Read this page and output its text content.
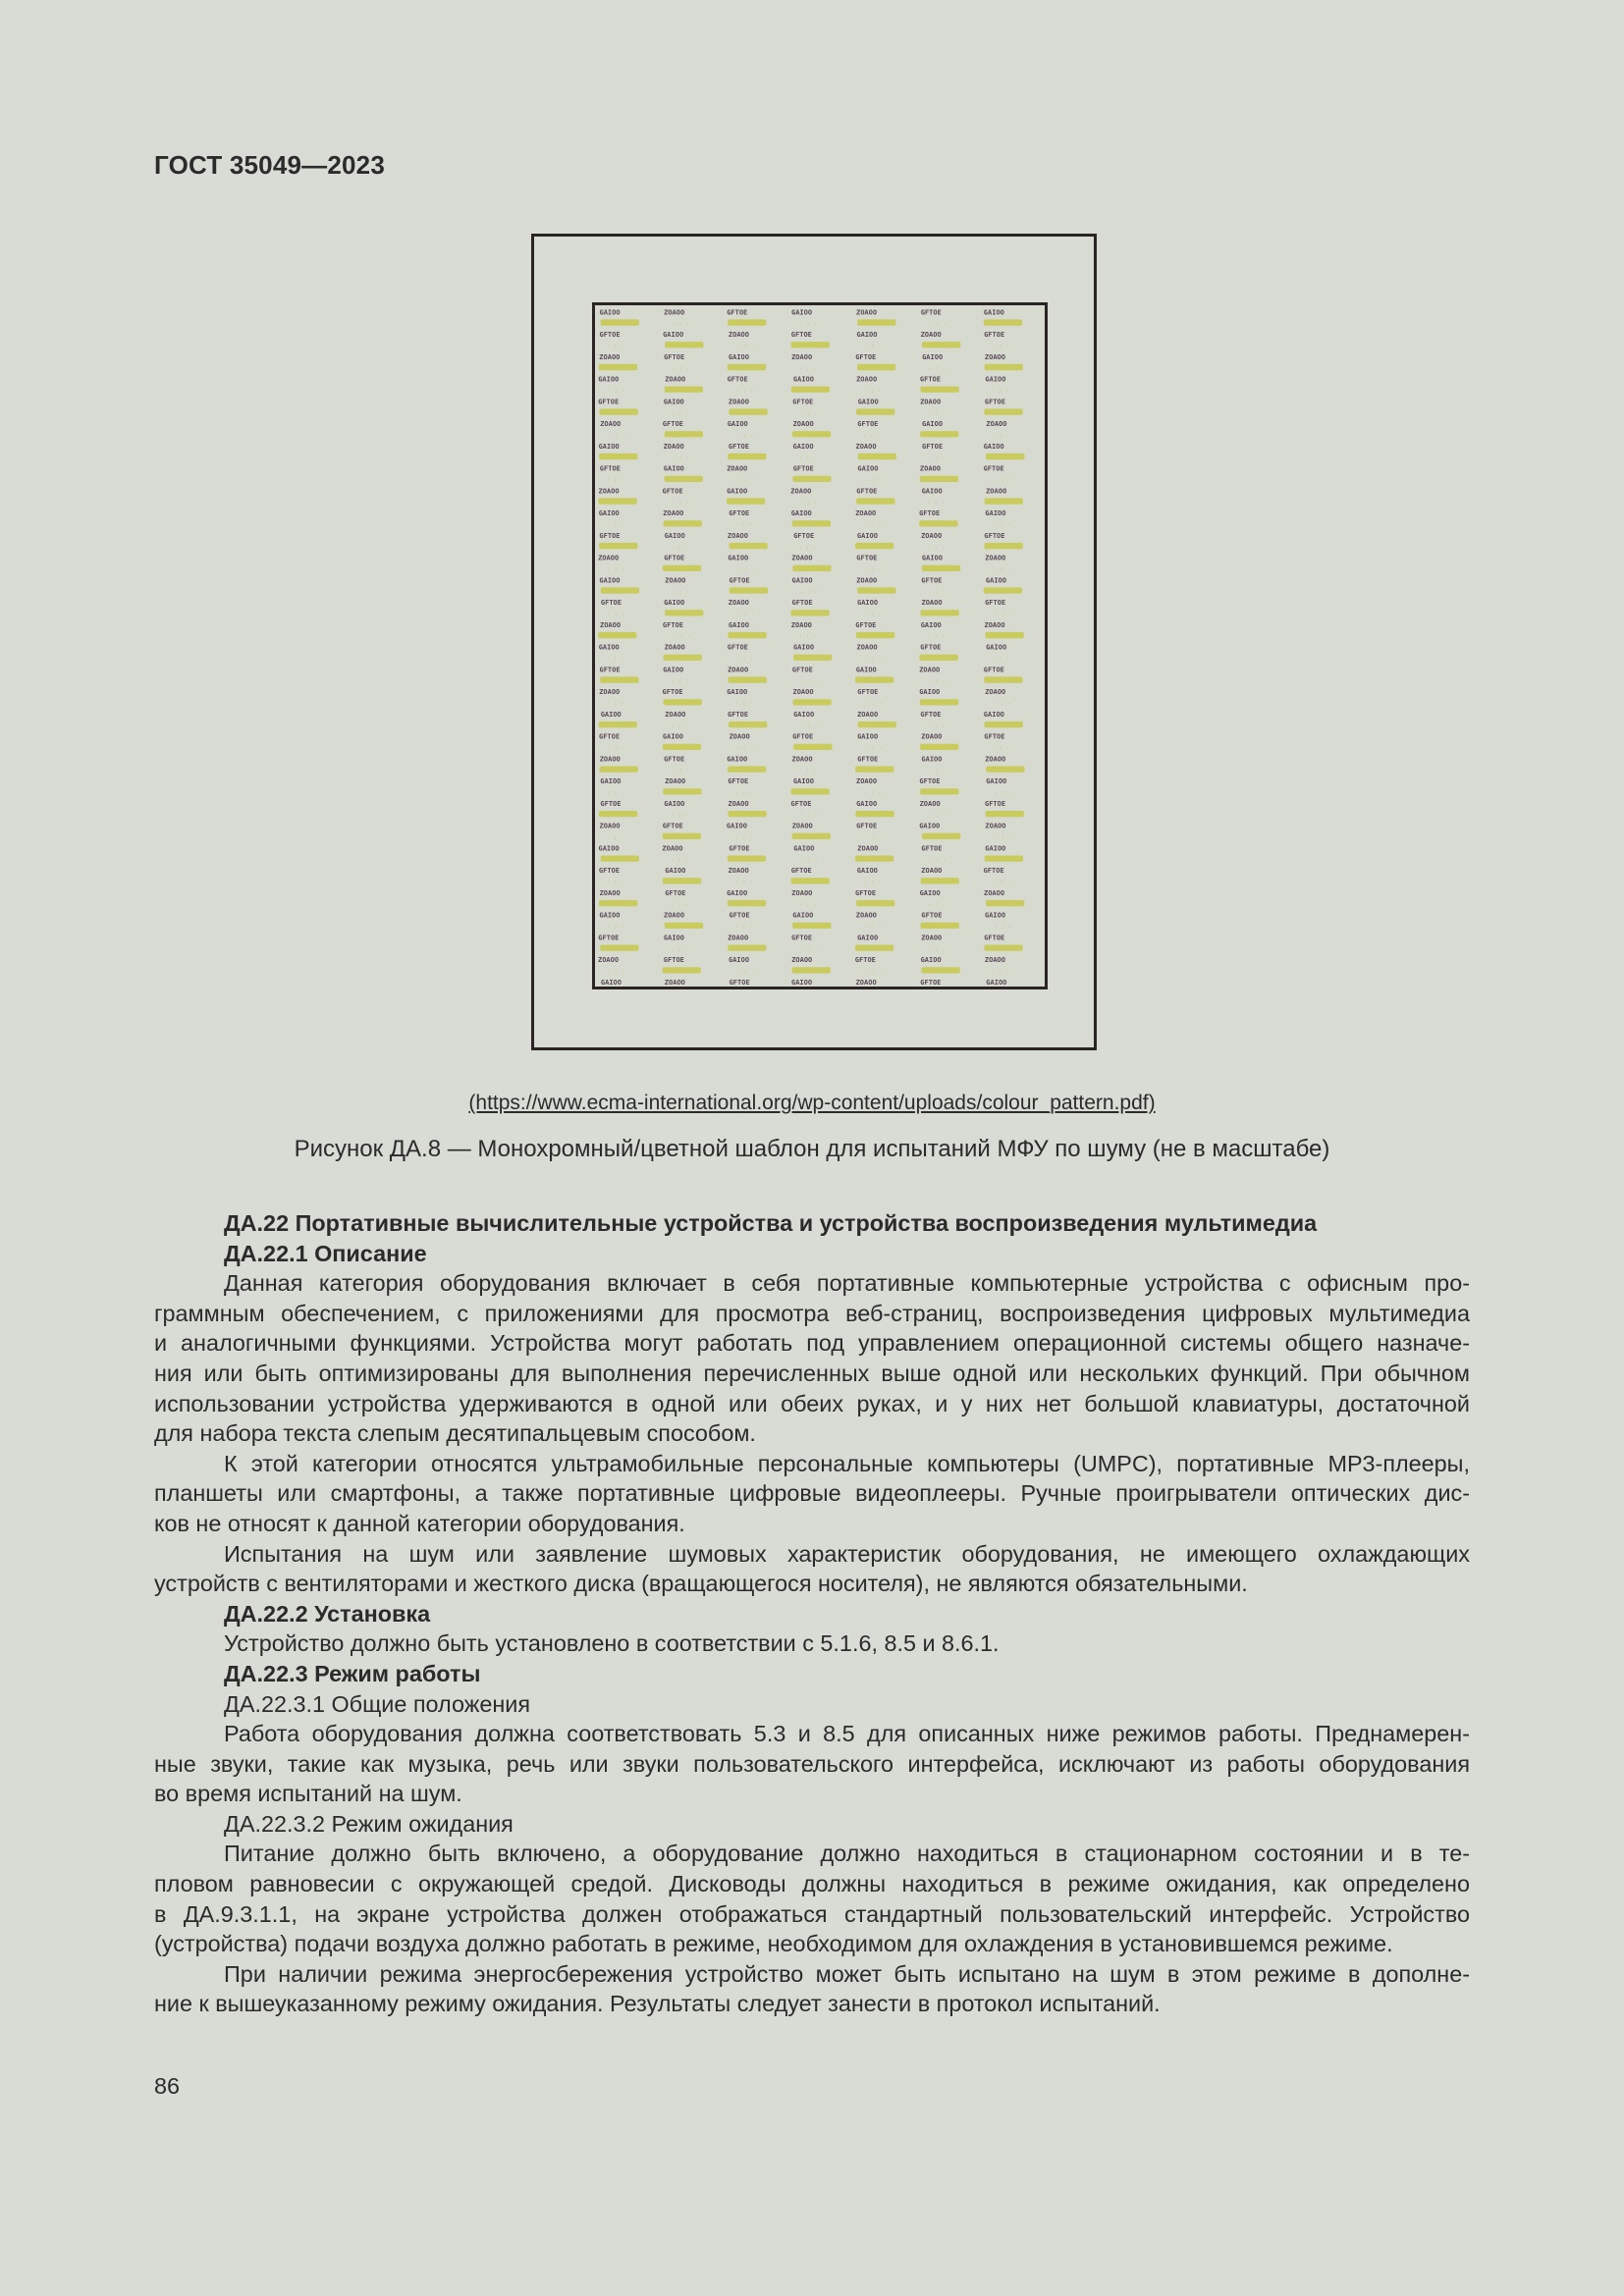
ГОСТ 35049—2023
GAIOO	ZOAOO	GFTOE	GAIOO	ZOAOO	GFTOE	GAIOO
· : ·	· : ·	· : ·
GFTOE	GAIOO	ZOAOO	GFTOE	GAIOO	ZOAOO	GFTOE
· : ·	· : ·	· : ·	· : ·
ZOAOO	GFTOE	GAIOO	ZOAOO	GFTOE	GAIOO	ZOAOO
· : ·	· : ·	· : ·
GAIOO	ZOAOO	GFTOE	GAIOO	ZOAOO	GFTOE	GAIOO
· : ·	· : ·	· : ·	· : ·
GFTOE	GAIOO	ZOAOO	GFTOE	GAIOO	ZOAOO	GFTOE
· : ·	· : ·	· : ·
ZOAOO	GFTOE	GAIOO	ZOAOO	GFTOE	GAIOO	ZOAOO
· : ·	· : ·	· : ·	· : ·
GAIOO	ZOAOO	GFTOE	GAIOO	ZOAOO	GFTOE	GAIOO
· : ·	· : ·	· : ·
GFTOE	GAIOO	ZOAOO	GFTOE	GAIOO	ZOAOO	GFTOE
· : ·	· : ·	· : ·	· : ·
ZOAOO	GFTOE	GAIOO	ZOAOO	GFTOE	GAIOO	ZOAOO
· : ·	· : ·	· : ·
GAIOO	ZOAOO	GFTOE	GAIOO	ZOAOO	GFTOE	GAIOO
· : ·	· : ·	· : ·	· : ·
GFTOE	GAIOO	ZOAOO	GFTOE	GAIOO	ZOAOO	GFTOE
· : ·	· : ·	· : ·
ZOAOO	GFTOE	GAIOO	ZOAOO	GFTOE	GAIOO	ZOAOO
· : ·	· : ·	· : ·	· : ·
GAIOO	ZOAOO	GFTOE	GAIOO	ZOAOO	GFTOE	GAIOO
· : ·	· : ·	· : ·
GFTOE	GAIOO	ZOAOO	GFTOE	GAIOO	ZOAOO	GFTOE
· : ·	· : ·	· : ·	· : ·
ZOAOO	GFTOE	GAIOO	ZOAOO	GFTOE	GAIOO	ZOAOO
· : ·	· : ·	· : ·
GAIOO	ZOAOO	GFTOE	GAIOO	ZOAOO	GFTOE	GAIOO
· : ·	· : ·	· : ·	· : ·
GFTOE	GAIOO	ZOAOO	GFTOE	GAIOO	ZOAOO	GFTOE
· : ·	· : ·	· : ·
ZOAOO	GFTOE	GAIOO	ZOAOO	GFTOE	GAIOO	ZOAOO
· : ·	· : ·	· : ·	· : ·
GAIOO	ZOAOO	GFTOE	GAIOO	ZOAOO	GFTOE	GAIOO
· : ·	· : ·	· : ·
GFTOE	GAIOO	ZOAOO	GFTOE	GAIOO	ZOAOO	GFTOE
· : ·	· : ·	· : ·	· : ·
ZOAOO	GFTOE	GAIOO	ZOAOO	GFTOE	GAIOO	ZOAOO
· : ·	· : ·	· : ·
GAIOO	ZOAOO	GFTOE	GAIOO	ZOAOO	GFTOE	GAIOO
· : ·	· : ·	· : ·	· : ·
GFTOE	GAIOO	ZOAOO	GFTOE	GAIOO	ZOAOO	GFTOE
· : ·	· : ·	· : ·
ZOAOO	GFTOE	GAIOO	ZOAOO	GFTOE	GAIOO	ZOAOO
· : ·	· : ·	· : ·	· : ·
GAIOO	ZOAOO	GFTOE	GAIOO	ZOAOO	GFTOE	GAIOO
· : ·	· : ·	· : ·
GFTOE	GAIOO	ZOAOO	GFTOE	GAIOO	ZOAOO	GFTOE
· : ·	· : ·	· : ·	· : ·
ZOAOO	GFTOE	GAIOO	ZOAOO	GFTOE	GAIOO	ZOAOO
· : ·	· : ·	· : ·
GAIOO	ZOAOO	GFTOE	GAIOO	ZOAOO	GFTOE	GAIOO
· : ·	· : ·	· : ·	· : ·
GFTOE	GAIOO	ZOAOO	GFTOE	GAIOO	ZOAOO	GFTOE
· : ·	· : ·	· : ·
ZOAOO	GFTOE	GAIOO	ZOAOO	GFTOE	GAIOO	ZOAOO
· : ·	· : ·	· : ·	· : ·
GAIOO	ZOAOO	GFTOE	GAIOO	ZOAOO	GFTOE	GAIOO
(https://www.ecma-international.org/wp-content/uploads/colour_pattern.pdf)
Рисунок ДА.8 — Монохромный/цветной шаблон для испытаний МФУ по шуму (не в масштабе)
ДА.22 Портативные вычислительные устройства и устройства воспроизведения мультимедиа
ДА.22.1 Описание
Данная категория оборудования включает в себя портативные компьютерные устройства с офисным про-
граммным обеспечением, с приложениями для просмотра веб-страниц, воспроизведения цифровых мультимедиа
и аналогичными функциями. Устройства могут работать под управлением операционной системы общего назначе-
ния или быть оптимизированы для выполнения перечисленных выше одной или нескольких функций. При обычном
использовании устройства удерживаются в одной или обеих руках, и у них нет большой клавиатуры, достаточной
для набора текста слепым десятипальцевым способом.
К этой категории относятся ультрамобильные персональные компьютеры (UMPC), портативные MP3-плееры,
планшеты или смартфоны, а также портативные цифровые видеоплееры. Ручные проигрыватели оптических дис-
ков не относят к данной категории оборудования.
Испытания на шум или заявление шумовых характеристик оборудования, не имеющего охлаждающих
устройств с вентиляторами и жесткого диска (вращающегося носителя), не являются обязательными.
ДА.22.2 Установка
Устройство должно быть установлено в соответствии с 5.1.6, 8.5 и 8.6.1.
ДА.22.3 Режим работы
ДА.22.3.1 Общие положения
Работа оборудования должна соответствовать 5.3 и 8.5 для описанных ниже режимов работы. Преднамерен-
ные звуки, такие как музыка, речь или звуки пользовательского интерфейса, исключают из работы оборудования
во время испытаний на шум.
ДА.22.3.2 Режим ожидания
Питание должно быть включено, а оборудование должно находиться в стационарном состоянии и в те-
пловом равновесии с окружающей средой. Дисководы должны находиться в режиме ожидания, как определено
в ДА.9.3.1.1, на экране устройства должен отображаться стандартный пользовательский интерфейс. Устройство
(устройства) подачи воздуха должно работать в режиме, необходимом для охлаждения в установившемся режиме.
При наличии режима энергосбережения устройство может быть испытано на шум в этом режиме в дополне-
ние к вышеуказанному режиму ожидания. Результаты следует занести в протокол испытаний.
86
